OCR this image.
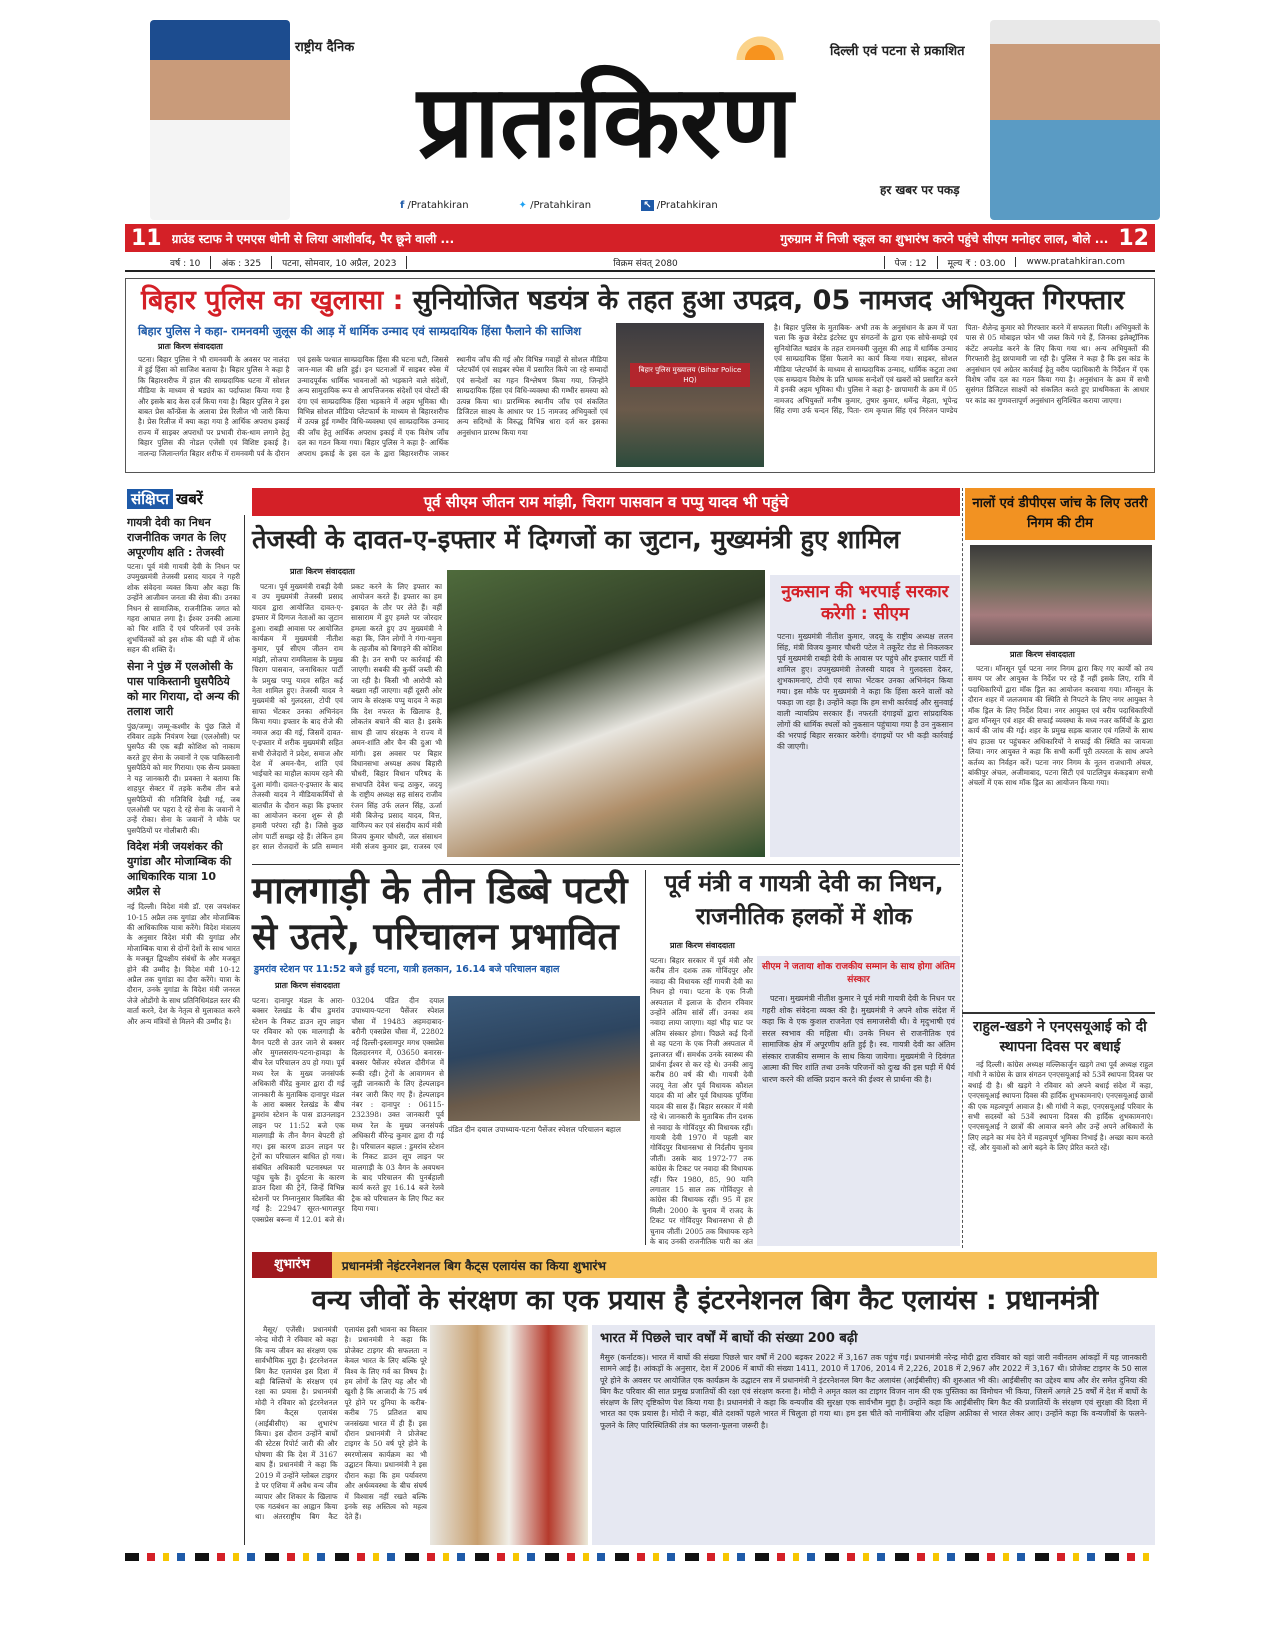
राष्ट्रीय दैनिक	दिल्ली एवं पटना से प्रकाशित
प्रातःकिरण
हर खबर पर पकड़
f /Pratahkiran	✦ /Pratahkiran	↖ /Pratahkiran
11 ग्राउंड स्टाफ ने एमएस धोनी से लिया आशीर्वाद, पैर छूने वाली ...	गुरुग्राम में निजी स्कूल का शुभारंभ करने पहुंचे सीएम मनोहर लाल, बोले ... 12
वर्ष : 10	अंक : 325	पटना, सोमवार, 10 अप्रैल, 2023	विक्रम संवत् 2080	पेज : 12	मूल्य ₹ : 03.00	www.pratahkiran.com
बिहार पुलिस का खुलासा : सुनियोजित षडयंत्र के तहत हुआ उपद्रव, 05 नामजद अभियुक्त गिरफ्तार
बिहार पुलिस ने कहा- रामनवमी जुलूस की आड़ में धार्मिक उन्माद एवं साम्प्रदायिक हिंसा फैलाने की साजिश
प्रातः किरण संवाददाता
पटना। बिहार पुलिस ने भी रामनवमी के अवसर पर नालंदा में हुई हिंसा को साजिश बताया है। बिहार पुलिस ने कहा है कि बिहारशरीफ में हाल की साम्प्रदायिक घटना में सोशल मीडिया के माध्यम से षड्यंत्र का पर्दाफाश किया गया है और इसके बाद केस दर्ज किया गया है। बिहार पुलिस ने इस बाबत प्रेस कॉन्फ्रेंस के अलावा प्रेस रिलीज भी जारी किया है। प्रेस रिलीज में क्या कहा गया है आर्थिक अपराध इकाई राज्य में साइबर अपराधों पर प्रभावी रोक-थाम लगाने हेतु बिहार पुलिस की नोडल एजेंसी एवं विशिष्ट इकाई है। नालन्दा जिलान्तर्गत बिहार शरीफ में रामनवमी पर्व के दौरान एवं इसके पश्चात साम्प्रदायिक हिंसा की घटना घटी, जिससे जान-माल की क्षति हुई। इन घटनाओं में साइबर स्पेस में उन्मादपूर्वक धार्मिक भावनाओं को भड़काने वाले संदेशों, अन्य सामुदायिक रूप से आपत्तिजनक संदेशों एवं पोस्टों की दंगा एवं साम्प्रदायिक हिंसा भड़काने में अहम भूमिका थी। विभिन्न सोशल मीडिया प्लेटफार्म के माध्यम से बिहारशरीफ में उत्पन्न हुई गम्भीर विधि-व्यवस्था एवं साम्प्रदायिक उन्माद की जाँच हेतु आर्थिक अपराध इकाई में एक विशेष जाँच दल का गठन किया गया। बिहार पुलिस ने कहा है- आर्थिक अपराध इकाई के इस दल के द्वारा बिहारशरीफ जाकर स्थानीय जाँच की गई और विभिन्न गवाहों से सोशल मीडिया प्लेटफॉर्म एवं साइबर स्पेस में प्रसारित किये जा रहे सम्वादों एवं सन्देशों का गहन विश्लेषण किया गया, जिन्होंने साम्प्रदायिक हिंसा एवं विधि-व्यवस्था की गम्भीर समस्या को उत्पन्न किया था। प्रारम्भिक स्थानीय जाँच एवं संकलित डिजिटल साक्ष्य के आधार पर 15 नामजद अभियुक्तों एवं अन्य सदिग्धों के विरुद्ध विभिन्न धारा दर्ज कर इसका अनुसंधान प्रारम्भ किया गया
बिहार पुलिस मुख्यालय (Bihar Police HQ)
है। बिहार पुलिस के मुताबिक- अभी तक के अनुसंधान के क्रम में पता चला कि कुछ वेस्टेड इंटरेस्ट ग्रुप संगठनों के द्वारा एक सोचे-समझे एवं सुनियोजित षड्यंत्र के तहत रामनवमी जुलूस की आड़ में धार्मिक उन्माद एवं साम्प्रदायिक हिंसा फैलाने का कार्य किया गया। साइबर, सोशल मीडिया प्लेटफॉर्म के माध्यम से साम्प्रदायिक उन्माद, धार्मिक कटुता तथा एक सम्प्रदाय विशेष के प्रति भ्रामक सन्देशों एवं खबरों को प्रसारित करने में इनकी अहम भूमिका थी। पुलिस ने कहा है- छापामारी के क्रम में 05 नामजद अभियुक्तों मनीष कुमार, तुषार कुमार, धर्मेन्द्र मेहता, भूपेन्द्र सिंह राणा उर्फ चन्दन सिंह, पिता- राम कृपाल सिंह एवं निरंजन पाण्डेय पिता- शैलेन्द्र कुमार को गिरफ्तार करने में सफलता मिली। अभियुक्तों के पास से 05 मोबाइल फोन भी जब्त किये गये हैं, जिनका इलेक्ट्रॉनिक कंटेंट अपलोड करने के लिए किया गया था। अन्य अभियुक्तों की गिरफ्तारी हेतु छापामारी जा रही है। पुलिस ने कहा है कि इस कांड के अनुसंधान एवं अग्रेतर कार्रवाई हेतु वरीय पदाधिकारी के निर्देशन में एक विशेष जाँच दल का गठन किया गया है। अनुसंधान के क्रम में सभी सुसंगत डिजिटल साक्ष्यों को संकलित करते हुए प्राथमिकता के आधार पर कांड का गुणवत्तापूर्ण अनुसंधान सुनिश्चित कराया जाएगा।
संक्षिप्त खबरें
गायत्री देवी का निधन राजनीतिक जगत के लिए अपूरणीय क्षति : तेजस्वी
पटना। पूर्व मंत्री गायत्री देवी के निधन पर उपमुख्यमंत्री तेजस्वी प्रसाद यादव ने गहरी शोक संवेदना व्यक्त किया और कहा कि उन्होंने आजीवन जनता की सेवा की। उनका निधन से सामाजिक, राजनीतिक जगत को गहरा आघात लगा है। ईश्वर उनकी आत्मा को चिर शांति दें एवं परिजनों एवं उनके शुभचिंतकों को इस शोक की घड़ी में शोक सहन की शक्ति दें।
सेना ने पुंछ में एलओसी के पास पाकिस्तानी घुसपैठिये को मार गिराया, दो अन्य की तलाश जारी
पुंछ/जम्मू। जम्मू-कश्मीर के पुंछ जिले में रविवार तड़के नियंत्रण रेखा (एलओसी) पर घुसपैठ की एक बड़ी कोशिश को नाकाम करते हुए सेना के जवानों ने एक पाकिस्तानी घुसपैठिये को मार गिराया। एक सैन्य प्रवक्ता ने यह जानकारी दी। प्रवक्ता ने बताया कि शाहपुर सेक्टर में तड़के करीब तीन बजे घुसपैठियों की गतिविधि देखी गई, जब एलओसी पर पहरा दे रहे सेना के जवानों ने उन्हें रोका। सेना के जवानों ने मौके पर घुसपैठियों पर गोलीबारी की।
विदेश मंत्री जयशंकर की युगांडा और मोजाम्बिक की आधिकारिक यात्रा 10 अप्रैल से
नई दिल्ली। विदेश मंत्री डॉ. एस जयशंकर 10-15 अप्रैल तक युगांडा और मोजाम्बिक की आधिकारिक यात्रा करेंगे। विदेश मंत्रालय के अनुसार विदेश मंत्री की युगांडा और मोजाम्बिक यात्रा से दोनों देशों के साथ भारत के मजबूत द्विपक्षीय संबंधों के और मजबूत होने की उम्मीद है। विदेश मंत्री 10-12 अप्रैल तक युगांडा का दौरा करेंगे। यात्रा के दौरान, उनके युगांडा के विदेश मंत्री जनरल जेजे ओडोंगो के साथ प्रतिनिधिमंडल स्तर की वार्ता करने, देश के नेतृत्व से मुलाकात करने और अन्य मंत्रियों से मिलने की उम्मीद है।
पूर्व सीएम जीतन राम मांझी, चिराग पासवान व पप्पु यादव भी पहुंचे
तेजस्वी के दावत-ए-इफ्तार में दिग्गजों का जुटान, मुख्यमंत्री हुए शामिल
प्रातः किरण संवाददाता
पटना। पूर्व मुख्यमंत्री राबड़ी देवी व उप मुख्यमंत्री तेजस्वी प्रसाद यादव द्वारा आयोजित दावत-ए-इफ्तार में दिग्गज नेताओं का जुटान हुआ। राबड़ी आवास पर आयोजित कार्यक्रम में मुख्यमंत्री नीतीश कुमार, पूर्व सीएम जीतन राम मांझी, लोजपा रामविलास के प्रमुख चिराग पासवान, जनाधिकार पार्टी के प्रमुख पप्पु यादव सहित कई नेता शामिल हुए। तेजस्वी यादव ने मुख्यमंत्री को गुलदस्ता, टोपी एवं साफा भेंटकर उनका अभिनंदन किया गया। इफ्तार के बाद रोजे की नमाज अदा की गई, जिसमें दावत-ए-इफ्तार में शरीक मुख्यमंत्री सहित सभी रोजेदारों ने प्रदेश, समाज और देश में अमन-चैन, शांति एवं भाईचारे का माहौल कायम रहने की दुआ मांगी। दावत-ए-इफ्तार के बाद तेजस्वी यादव ने मीडियाकर्मियों से बातचीत के दौरान कहा कि इफ्तार का आयोजन करना शुरू से ही हमारी परंपरा रही है। जिसे कुछ लोग पार्टी समझ रहे हैं। लेकिन हम हर साल रोजदारों के प्रति सम्मान प्रकट करने के लिए इफ्तार का आयोजन करते हैं। इफ्तार का हम इबादत के तौर पर लेते हैं। वहीं सासाराम में हुए हमले पर जोरदार हमला करते हुए उप मुख्यमंत्री ने कहा कि, जिन लोगों ने गंगा-यमुना के तहजीब को बिगाड़ने की कोशिश की है। उन सभी पर कार्रवाई की जाएगी। सबकी की कुर्की जब्ती की जा रही है। किसी भी आरोपी को बख्शा नहीं जाएगा। वहीं दूसरी ओर जाप के संरक्षक पप्पु यादव ने कहा कि देश नफरत के खिलाफ है, लोकतंत्र बचाने की बात है। इसके साथ ही जाप संरक्षक ने राज्य में अमन-शांति और चैन की दुआ भी मांगी। इस अवसर पर बिहार विधानसभा अध्यक्ष अवध बिहारी चौधरी, बिहार विधान परिषद के सभापति देवेश चन्द्र ठाकुर, जदयू के राष्ट्रीय अध्यक्ष सह सांसद राजीव रंजन सिंह उर्फ ललन सिंह, ऊर्जा मंत्री बिजेन्द्र प्रसाद यादव, वित्त, वाणिज्य कर एवं संसदीय कार्य मंत्री विजय कुमार चौधरी, जल संसाधन मंत्री संजय कुमार झा, राजस्व एवं
नुकसान की भरपाई सरकार करेगी : सीएम
पटना। मुख्यमंत्री नीतीश कुमार, जदयू के राष्ट्रीय अध्यक्ष ललन सिंह, मंत्री विजय कुमार चौधरी पटेल ने तकूरेंट रोड से निकलकर पूर्व मुख्यमंत्री राबड़ी देवी के आवास पर पहुंचे और इफ्तार पार्टी में शामिल हुए। उपमुख्यमंत्री तेजस्वी यादव ने गुलदस्ता देकर, शुभकामनाएं, टोपी एवं साफा भेंटकर उनका अभिनंदन किया गया। इस मौके पर मुख्यमंत्री ने कहा कि हिंसा करने वालों को पकड़ा जा रहा है। उन्होंने कहा कि हम सभी कार्रवाई और सुनवाई वाली न्यायप्रिय सरकार हैं। नफरती दंगाइयों द्वारा सांप्रदायिक लोगों की धार्मिक स्थलों को नुकसान पहुंचाया गया है उन नुकसान की भरपाई बिहार सरकार करेगी। दंगाइयों पर भी कड़ी कार्रवाई की जाएगी।
नालों एवं डीपीएस जांच के लिए उतरी निगम की टीम
प्रातः किरण संवाददाता
पटना। मॉनसून पूर्व पटना नगर निगम द्वारा किए गए कार्यों को तय समय पर और आयुक्त के निर्देश पर रहे हैं नहीं इसके लिए, रात्रि में पदाधिकारियों द्वारा मॉक ड्रिल का आयोजन करवाया गया। मॉनसून के दौरान शहर में जलजमाव की स्थिति से निपटने के लिए नगर आयुक्त ने मॉक ड्रिल के लिए निर्देश दिया। नगर आयुक्त एवं वरीय पदाधिकारियों द्वारा मॉनसून एवं शहर की सफाई व्यवस्था के मध्य नजर कर्मियों के द्वारा कार्य की जांच की गई। शहर के प्रमुख सड़क बाजार एवं गलियों के साथ संप हाउस पर पहुंचकर अधिकारियों ने सफाई की स्थिति का जायजा लिया। नगर आयुक्त ने कहा कि सभी कर्मी पूरी तत्परता के साथ अपने कर्तव्य का निर्वहन करें। पटना नगर निगम के नूतन राजधानी अंचल, बांकीपुर अंचल, अजीमाबाद, पटना सिटी एवं पाटलिपुत्र कंकड़बाग सभी अंचलों में एक साथ मॉक ड्रिल का आयोजन किया गया।
राहुल-खडगे ने एनएसयूआई को दी स्थापना दिवस पर बधाई
नई दिल्ली। कांग्रेस अध्यक्ष मल्लिकार्जुन खड़गे तथा पूर्व अध्यक्ष राहुल गांधी ने कांग्रेस के छात्र संगठन एनएसयूआई को 53वें स्थापना दिवस पर बधाई दी है। श्री खड़गे ने रविवार को अपने बधाई संदेश में कहा, एनएसयूआई स्थापना दिवस की हार्दिक शुभकामनाएं। एनएसयूआई छात्रों की एक महत्वपूर्ण आवाज है। श्री गांधी ने कहा, एनएसयूआई परिवार के सभी सदस्यों को 53वें स्थापना दिवस की हार्दिक शुभकामनाएं। एनएसयूआई ने छात्रों की आवाज बनने और उन्हें अपने अधिकारों के लिए लड़ने का मंच देने में महत्वपूर्ण भूमिका निभाई है। अच्छा काम करते रहें, और युवाओं को आगे बढ़ने के लिए प्रेरित करते रहें।
मालगाड़ी के तीन डिब्बे पटरी से उतरे, परिचालन प्रभावित
डुमरांव स्टेशन पर 11:52 बजे हुई घटना, यात्री हलकान, 16.14 बजे परिचालन बहाल
प्रातः किरण संवाददाता
पटना। दानापुर मंडल के आरा-बक्सर रेलखंड के बीच डुमरांव स्टेशन के निकट डाउन लूप लाइन पर रविवार को एक मालगाड़ी के वैगन पटरी से उतर जाने से बक्सर और मुगलसराय-पटना-हावड़ा के बीच रेल परिचालन ठप हो गया। पूर्व मध्य रेल के मुख्य जनसंपर्क अधिकारी वीरेंद्र कुमार द्वारा दी गई जानकारी के मुताबिक दानापुर मंडल के आरा बक्सर रेलखंड के बीच डुमरांव स्टेशन के पास डाउनलाइन लाइन पर 11:52 बजे एक मालगाड़ी के तीन वैगन बेपटरी हो गए। इस कारण डाउन लाइन पर ट्रेनों का परिचालन बाधित हो गया। संबंधित अधिकारी घटनास्थल पर पहुंच चुके हैं। दुर्घटना के कारण डाउन दिशा की ट्रेनें, जिन्हें विभिन्न स्टेशनों पर निम्नानुसार विलंबित की गई है: 22947 सूरत-भागलपुर एक्सप्रेस बरूना में 12.01 बजे से। 03204 पंडित दीन दयाल उपाध्याय-पटना पैसेंजर स्पेशल चौसा में 19483 अहमदाबाद-बरौनी एक्सप्रेस चौसा में, 22802 नई दिल्ली-इस्लामपुर मगध एक्सप्रेस दिलदारनगर में, 03650 बनारस-बक्सर पैसेंजर स्पेशल दौरीगंज में रूकी रही। ट्रेनों के आवागमन से जुड़ी जानकारी के लिए हेल्पलाइन नंबर जारी किए गए हैं। हेल्पलाइन नंबर : दानापुर : 06115-232398। उक्त जानकारी पूर्व मध्य रेल के मुख्य जनसंपर्क अधिकारी वीरेन्द्र कुमार द्वारा दी गई है। परिचालन बहाल : डुमरांव स्टेशन के निकट डाउन लूप लाइन पर मालगाड़ी के 03 वैगन के अवपथन के बाद परिचालन की पुनर्बहाली कार्य करते हुए 16.14 बजे रेलवे ट्रैक को परिचालन के लिए फिट कर दिया गया।
पंडित दीन दयाल उपाध्याय-पटना पैसेंजर स्पेशल परिचालन बहाल
पूर्व मंत्री व गायत्री देवी का निधन, राजनीतिक हलकों में शोक
प्रातः किरण संवाददाता
पटना। बिहार सरकार में पूर्व मंत्री और करीब तीन दशक तक गोविंदपुर और नवादा की विधायक रहीं गायत्री देवी का निधन हो गया। पटना के एक निजी अस्पताल में इलाज के दौरान रविवार उन्होंने अंतिम सांसें लीं। उनका शव नवादा लाया जाएगा। यहां भीड़ घाट पर अंतिम संस्कार होगा। पिछले कई दिनों से वह पटना के एक निजी अस्पताल में इलाजरत थीं। समर्थक उनके स्वास्थ्य की प्रार्थना ईश्वर से कर रहे थे। उनकी आयु करीब 80 वर्ष की थी। गायत्री देवी जदयू नेता और पूर्व विधायक कौशल यादव की मां और पूर्व विधायक पूर्णिमा यादव की सास हैं। बिहार सरकार में मंत्री रहे थे। जानकारी के मुताबिक तीन दशक से नवादा के गोविंदपुर की विधायक रहीं। गायत्री देवी 1970 में पहली बार गोविंदपुर विधानसभा से निर्दलीय चुनाव जीतीं। उसके बाद 1972-77 तक कांग्रेस के टिकट पर नवादा की विधायक रहीं। फिर 1980, 85, 90 यानि लगातार 15 साल तक गोविंदपुर से कांग्रेस की विधायक रहीं। 95 में हार मिली। 2000 के चुनाव में राजद के टिकट पर गोविंदपुर विधानसभा से ही चुनाव जीतीं। 2005 तक विधायक रहने के बाद उनकी राजनीतिक पारी का अंत
सीएम ने जताया शोक राजकीय सम्मान के साथ होगा अंतिम संस्कार
पटना। मुख्यमंत्री नीतीश कुमार ने पूर्व मंत्री गायत्री देवी के निधन पर गहरी शोक संवेदना व्यक्त की है। मुख्यमंत्री ने अपने शोक संदेश में कहा कि वे एक कुशल राजनेता एवं समाजसेवी थी। वे मृदुभाषी एवं सरल स्वभाव की महिला थी। उनके निधन से राजनीतिक एवं सामाजिक क्षेत्र में अपूरणीय क्षति हुई है। स्व. गायत्री देवी का अंतिम संस्कार राजकीय सम्मान के साथ किया जायेगा। मुख्यमंत्री ने दिवंगत आत्मा की चिर शांति तथा उनके परिजनों को दुःख की इस घड़ी में धैर्य धारण करने की शक्ति प्रदान करने की ईश्वर से प्रार्थना की है।
शुभारंभ	प्रधानमंत्री नेइंटरनेशनल बिग कैट्स एलायंस का किया शुभारंभ
वन्य जीवों के संरक्षण का एक प्रयास है इंटरनेशनल बिग कैट एलायंस : प्रधानमंत्री
मैसूर/ एजेंसी। प्रधानमंत्री नरेन्द्र मोदी ने रविवार को कहा कि वन्य जीवन का संरक्षण एक सार्वभौमिक मुद्दा है। इंटरनेशनल बिग कैट एलायंस इस दिशा में बड़ी बिल्लियों के संरक्षण एवं रक्षा का प्रयास है। प्रधानमंत्री मोदी ने रविवार को इंटरनेशनल बिग कैट्स एलायंस (आईबीसीए) का शुभारंभ किया। इस दौरान उन्होंने बाघों की स्टेटस रिपोर्ट जारी की और घोषणा की कि देश में 3167 बाघ हैं। प्रधानमंत्री ने कहा कि 2019 में उन्होंने ग्लोबल टाइगर डे पर एशिया में अवैध वन्य जीव व्यापार और शिकार के खिलाफ एक गठबंधन का आह्वान किया था। अंतरराष्ट्रीय बिग कैट एलायंस इसी भावना का विस्तार है। प्रधानमंत्री ने कहा कि प्रोजेक्ट टाइगर की सफलता न केवल भारत के लिए बल्कि पूरे विश्व के लिए गर्व का विषय है। हम लोगों के लिए यह और भी खुशी है कि आजादी के 75 वर्ष पूरे होने पर दुनिया के करीब-करीब 75 प्रतिशत बाघ जनसंख्या भारत में ही हैं। इस दौरान प्रधानमंत्री ने प्रोजेक्ट टाइगर के 50 वर्ष पूरे होने के स्मरणोत्सव कार्यक्रम का भी उद्घाटन किया। प्रधानमंत्री ने इस दौरान कहा कि हम पर्यावरण और अर्थव्यवस्था के बीच संघर्ष में विश्वास नहीं रखते बल्कि इनके सह अस्तित्व को महत्व देते हैं।
भारत में पिछले चार वर्षों में बाघों की संख्या 200 बढ़ी
मैसुरु (कर्नाटक)। भारत में बाघों की संख्या पिछले चार वर्षों में 200 बढ़कर 2022 में 3,167 तक पहुंच गई। प्रधानमंत्री नरेन्द्र मोदी द्वारा रविवार को यहां जारी नवीनतम आंकड़ों में यह जानकारी सामने आई है। आंकड़ों के अनुसार, देश में 2006 में बाघों की संख्या 1411, 2010 में 1706, 2014 में 2,226, 2018 में 2,967 और 2022 में 3,167 थी। प्रोजेक्ट टाइगर के 50 साल पूरे होने के अवसर पर आयोजित एक कार्यक्रम के उद्घाटन सत्र में प्रधानमंत्री ने इंटरनेशनल बिग कैट अलायंस (आईबीसीए) की शुरुआत भी की। आईबीसीए का उद्देश्य बाघ और शेर समेत दुनिया की बिग कैट परिवार की सात प्रमुख प्रजातियों की रक्षा एवं संरक्षण करना है। मोदी ने अमृत काल का टाइगर विजन नाम की एक पुस्तिका का विमोचन भी किया, जिसमें अगले 25 वर्षों में देश में बाघों के संरक्षण के लिए दृष्टिकोण पेश किया गया है। प्रधानमंत्री ने कहा कि वन्यजीव की सुरक्षा एक सार्वभौम मुद्दा है। उन्होंने कहा कि आईबीसीए बिग कैट की प्रजातियों के संरक्षण एवं सुरक्षा की दिशा में भारत का एक प्रयास है। मोदी ने कहा, बीते दशकों पहले भारत में चिलुता हो गया था। हम इस चीते को नामीबिया और दक्षिण अफ्रीका से भारत लेकर आए। उन्होंने कहा कि वन्यजीवों के फलने-फूलने के लिए पारिस्थितिकी तंत्र का फलना-फूलना जरूरी है।
